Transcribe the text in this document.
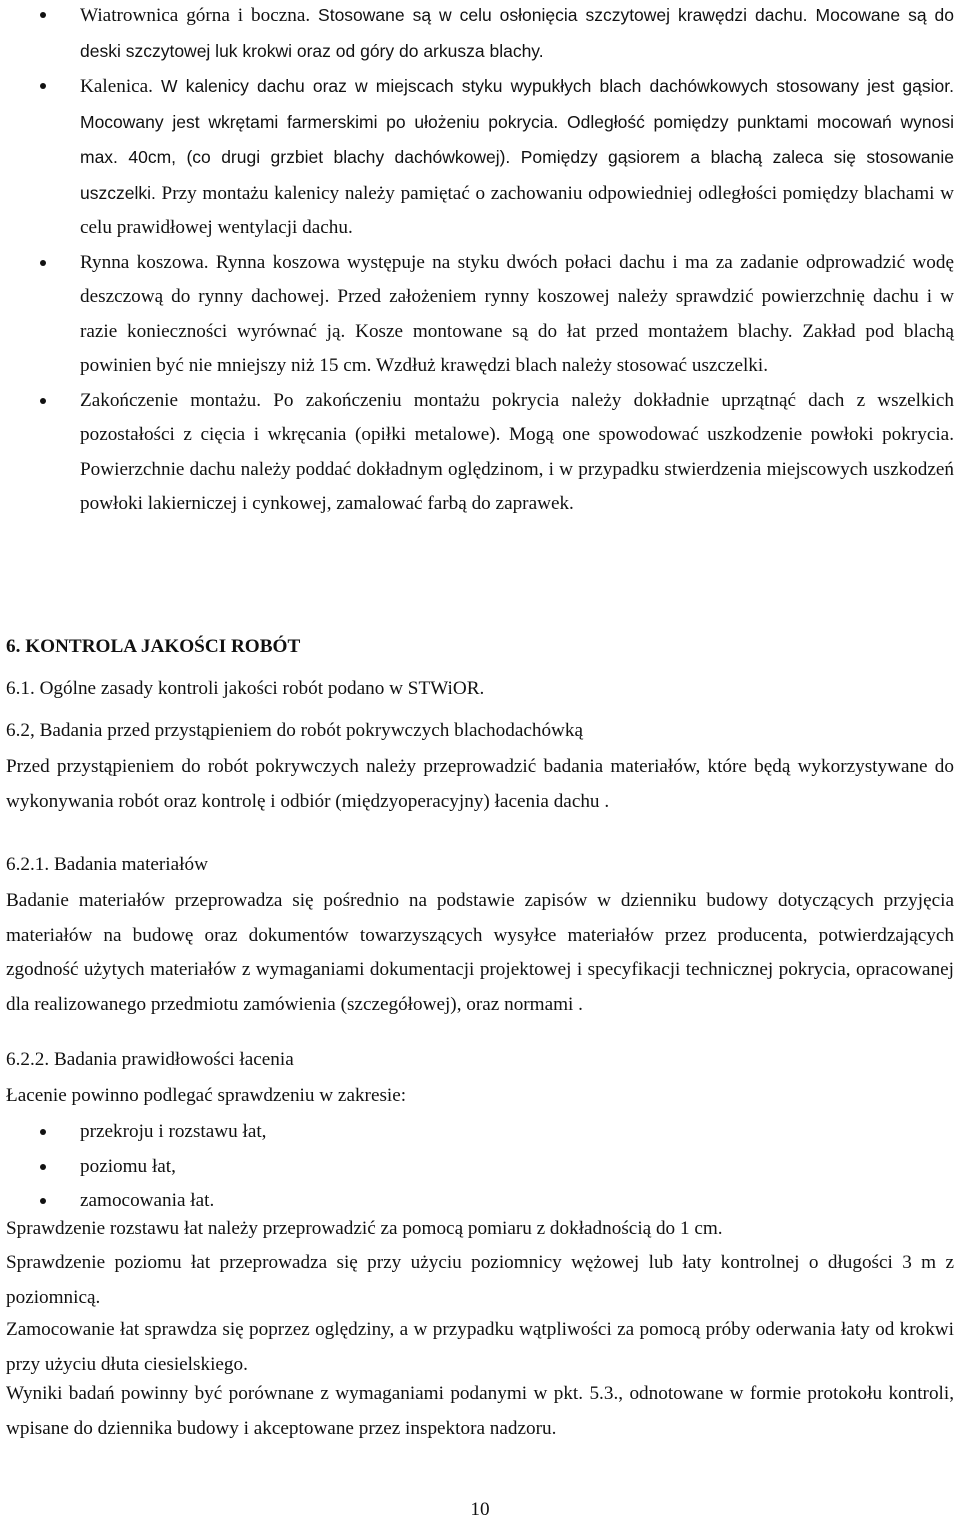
Wiatrownica górna i boczna. Stosowane są w celu osłonięcia szczytowej krawędzi dachu. Mocowane są do deski szczytowej luk krokwi oraz od góry do arkusza blachy.
Kalenica. W kalenicy dachu oraz w miejscach styku wypukłych blach dachówkowych stosowany jest gąsior. Mocowany jest wkrętami farmerskimi po ułożeniu pokrycia. Odległość pomiędzy punktami mocowań wynosi max. 40cm, (co drugi grzbiet blachy dachówkowej). Pomiędzy gąsiorem a blachą zaleca się stosowanie uszczelki. Przy montażu kalenicy należy pamiętać o zachowaniu odpowiedniej odległości pomiędzy blachami w celu prawidłowej wentylacji dachu.
Rynna koszowa. Rynna koszowa występuje na styku dwóch połaci dachu i ma za zadanie odprowadzić wodę deszczową do rynny dachowej. Przed założeniem rynny koszowej należy sprawdzić powierzchnię dachu i w razie konieczności wyrównać ją. Kosze montowane są do łat przed montażem blachy. Zakład pod blachą powinien być nie mniejszy niż 15 cm. Wzdłuż krawędzi blach należy stosować uszczelki.
Zakończenie montażu. Po zakończeniu montażu pokrycia należy dokładnie uprzątnąć dach z wszelkich pozostałości z cięcia i wkręcania (opiłki metalowe). Mogą one spowodować uszkodzenie powłoki pokrycia. Powierzchnie dachu należy poddać dokładnym oględzinom, i w przypadku stwierdzenia miejscowych uszkodzeń powłoki lakierniczej i cynkowej, zamalować farbą do zaprawek.

6. KONTROLA JAKOŚCI ROBÓT

6.1. Ogólne zasady kontroli jakości robót podano w STWiOR.

6.2, Badania przed przystąpieniem do robót pokrywczych blachodachówką

Przed przystąpieniem do robót pokrywczych należy przeprowadzić badania materiałów, które będą wykorzystywane do wykonywania robót oraz kontrolę i odbiór (międzyoperacyjny) łacenia dachu .

6.2.1. Badania materiałów

Badanie materiałów przeprowadza się pośrednio na podstawie zapisów w dzienniku budowy dotyczących przyjęcia materiałów na budowę oraz dokumentów towarzyszących wysyłce materiałów przez producenta, potwierdzających zgodność użytych materiałów z wymaganiami dokumentacji projektowej i specyfikacji technicznej pokrycia, opracowanej dla realizowanego przedmiotu zamówienia (szczegółowej), oraz normami .

6.2.2. Badania prawidłowości łacenia

Łacenie powinno podlegać sprawdzeniu w zakresie:

przekroju i rozstawu łat,
poziomu łat,
zamocowania łat.

Sprawdzenie rozstawu łat należy przeprowadzić za pomocą pomiaru z dokładnością do 1 cm.

Sprawdzenie poziomu łat przeprowadza się przy użyciu poziomnicy wężowej lub łaty kontrolnej o długości 3 m z poziomnicą.

Zamocowanie łat sprawdza się poprzez oględziny, a w przypadku wątpliwości za pomocą próby oderwania łaty od krokwi przy użyciu dłuta ciesielskiego.

Wyniki badań powinny być porównane z wymaganiami podanymi w pkt. 5.3., odnotowane w formie protokołu kontroli, wpisane do dziennika budowy i akceptowane przez inspektora nadzoru.

10
